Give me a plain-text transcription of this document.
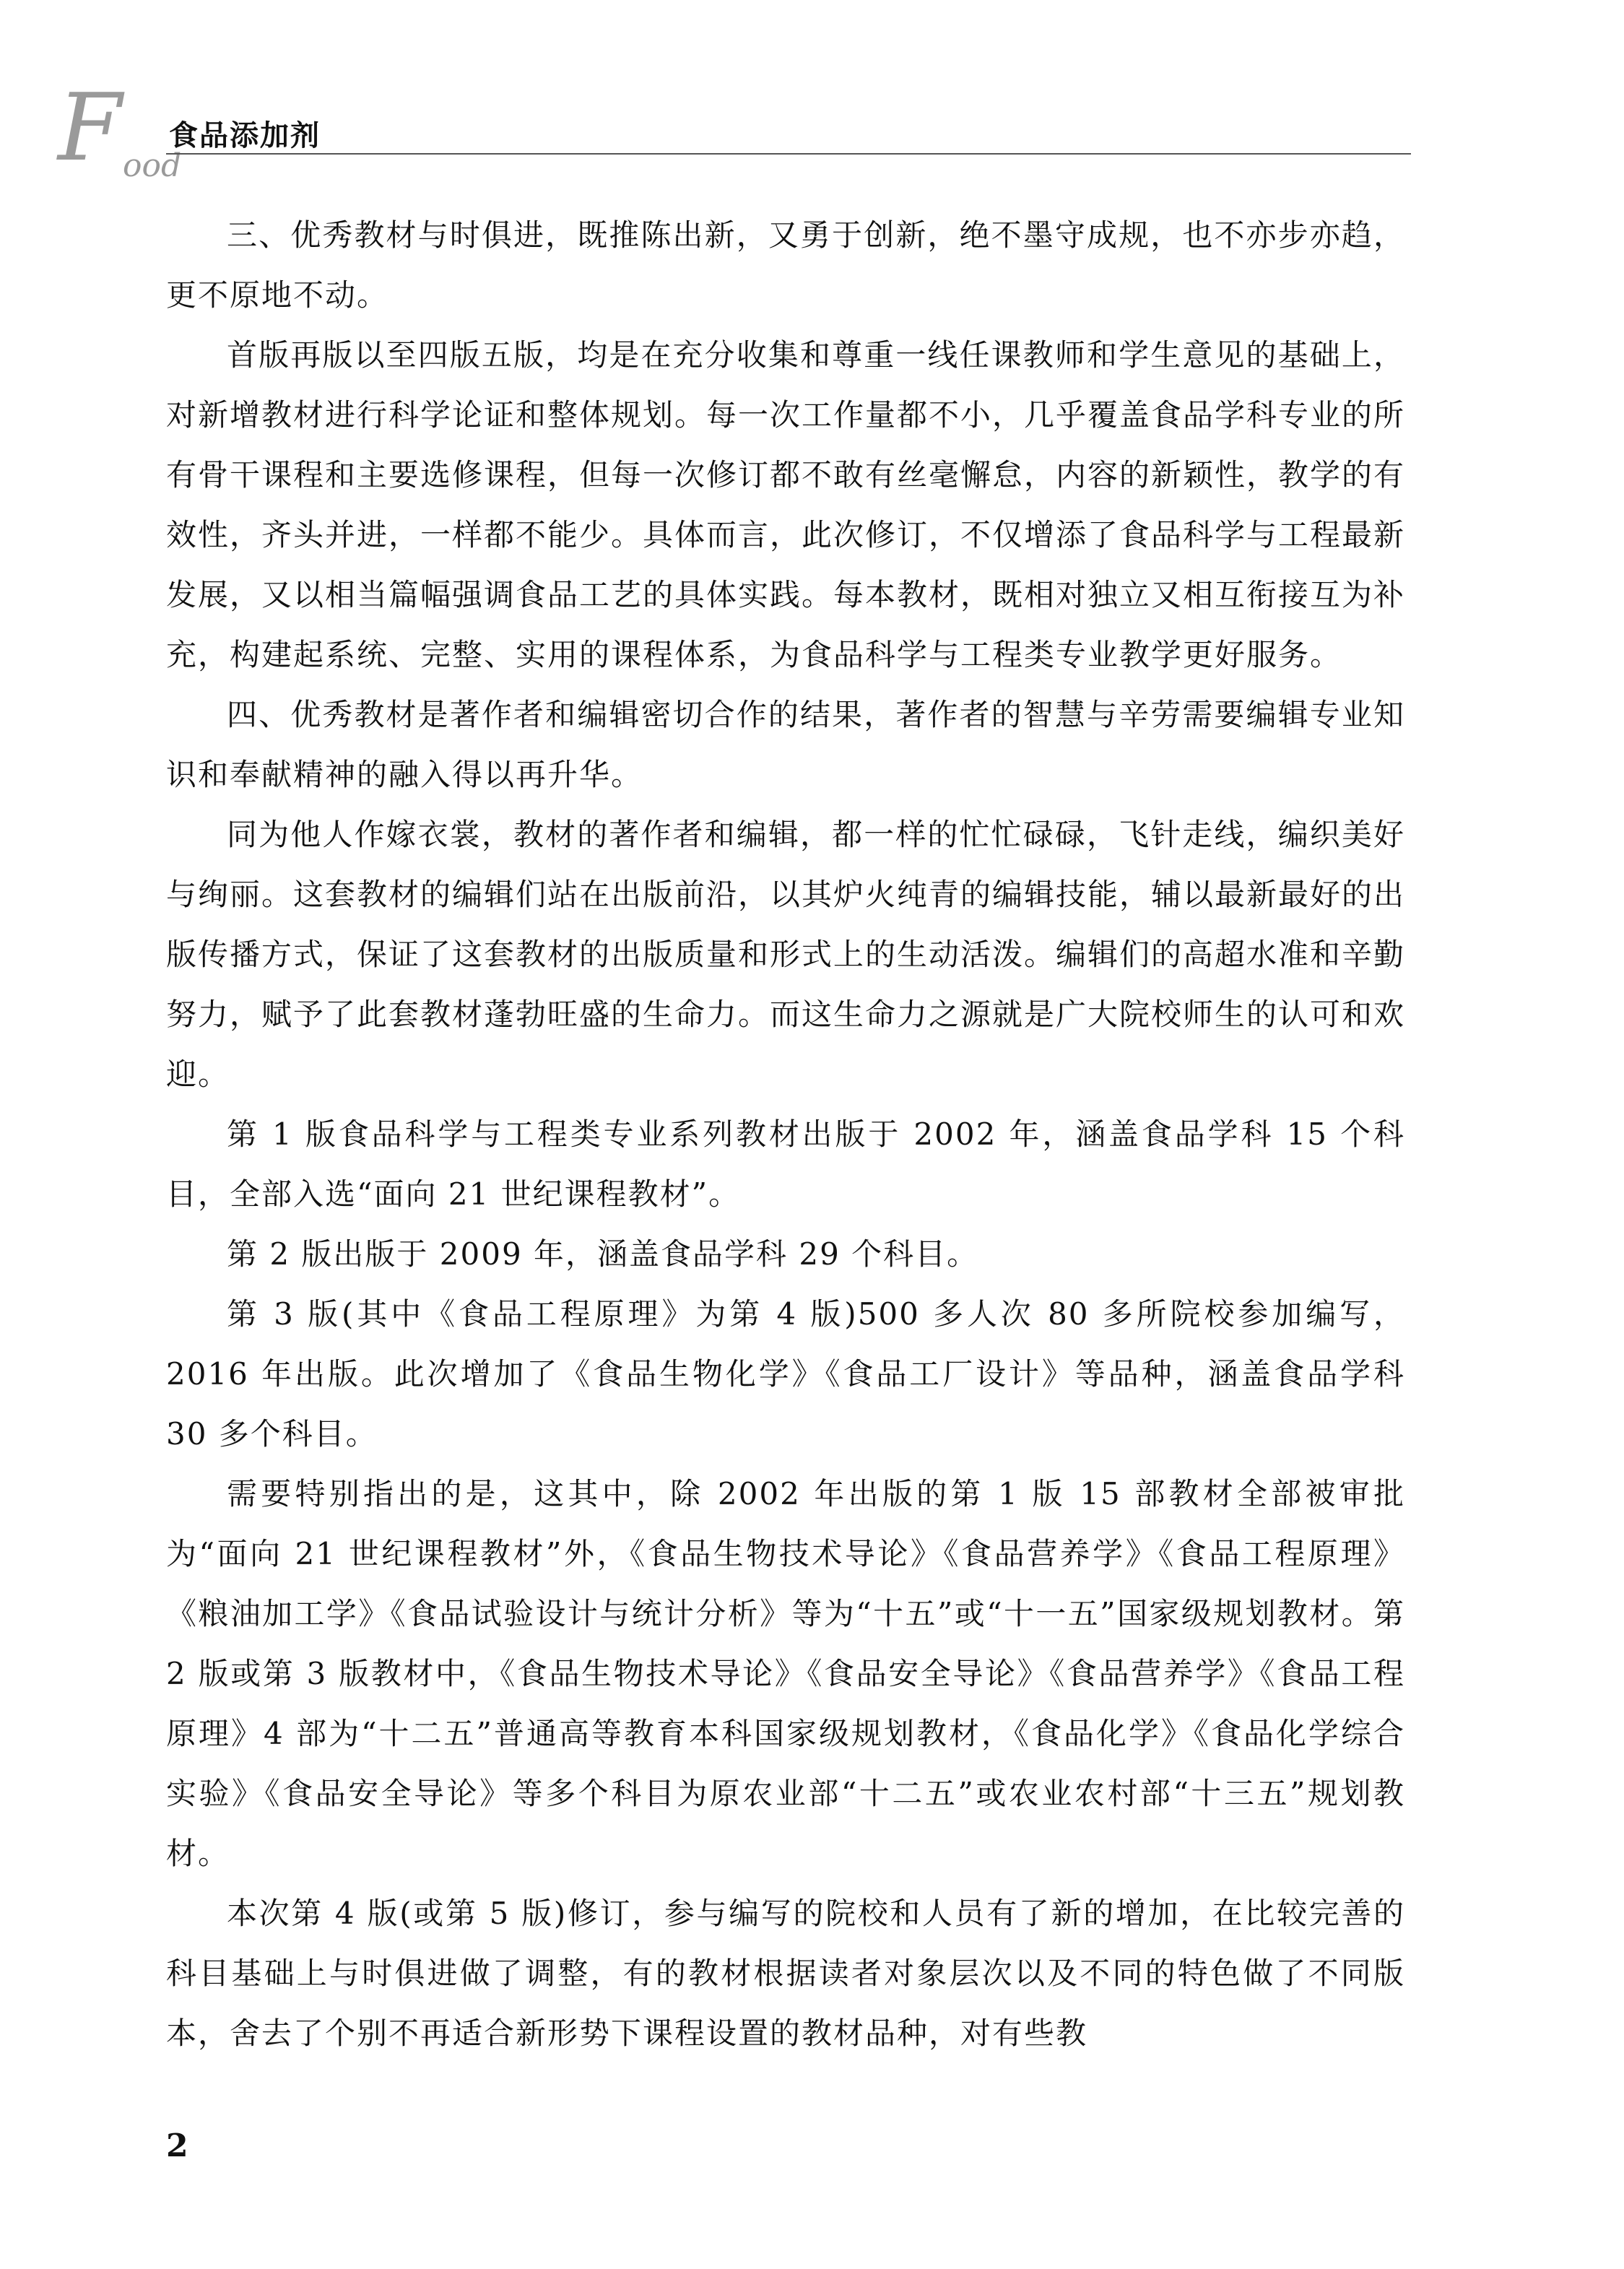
F ood
食品添加剂

三、优秀教材与时俱进，既推陈出新，又勇于创新，绝不墨守成规，也不亦步亦趋，更不原地不动。

首版再版以至四版五版，均是在充分收集和尊重一线任课教师和学生意见的基础上，对新增教材进行科学论证和整体规划。每一次工作量都不小，几乎覆盖食品学科专业的所有骨干课程和主要选修课程，但每一次修订都不敢有丝毫懈怠，内容的新颖性，教学的有效性，齐头并进，一样都不能少。具体而言，此次修订，不仅增添了食品科学与工程最新发展，又以相当篇幅强调食品工艺的具体实践。每本教材，既相对独立又相互衔接互为补充，构建起系统、完整、实用的课程体系，为食品科学与工程类专业教学更好服务。

四、优秀教材是著作者和编辑密切合作的结果，著作者的智慧与辛劳需要编辑专业知识和奉献精神的融入得以再升华。

同为他人作嫁衣裳，教材的著作者和编辑，都一样的忙忙碌碌，飞针走线，编织美好与绚丽。这套教材的编辑们站在出版前沿，以其炉火纯青的编辑技能，辅以最新最好的出版传播方式，保证了这套教材的出版质量和形式上的生动活泼。编辑们的高超水准和辛勤努力，赋予了此套教材蓬勃旺盛的生命力。而这生命力之源就是广大院校师生的认可和欢迎。

第 1 版食品科学与工程类专业系列教材出版于 2002 年，涵盖食品学科 15 个科目，全部入选“面向 21 世纪课程教材”。

第 2 版出版于 2009 年，涵盖食品学科 29 个科目。

第 3 版(其中《食品工程原理》为第 4 版)500 多人次 80 多所院校参加编写，2016 年出版。此次增加了《食品生物化学》《食品工厂设计》等品种，涵盖食品学科 30 多个科目。

需要特别指出的是，这其中，除 2002 年出版的第 1 版 15 部教材全部被审批为“面向 21 世纪课程教材”外，《食品生物技术导论》《食品营养学》《食品工程原理》《粮油加工学》《食品试验设计与统计分析》等为“十五”或“十一五”国家级规划教材。第 2 版或第 3 版教材中，《食品生物技术导论》《食品安全导论》《食品营养学》《食品工程原理》4 部为“十二五”普通高等教育本科国家级规划教材，《食品化学》《食品化学综合实验》《食品安全导论》等多个科目为原农业部“十二五”或农业农村部“十三五”规划教材。

本次第 4 版(或第 5 版)修订，参与编写的院校和人员有了新的增加，在比较完善的科目基础上与时俱进做了调整，有的教材根据读者对象层次以及不同的特色做了不同版本，舍去了个别不再适合新形势下课程设置的教材品种，对有些教

2
